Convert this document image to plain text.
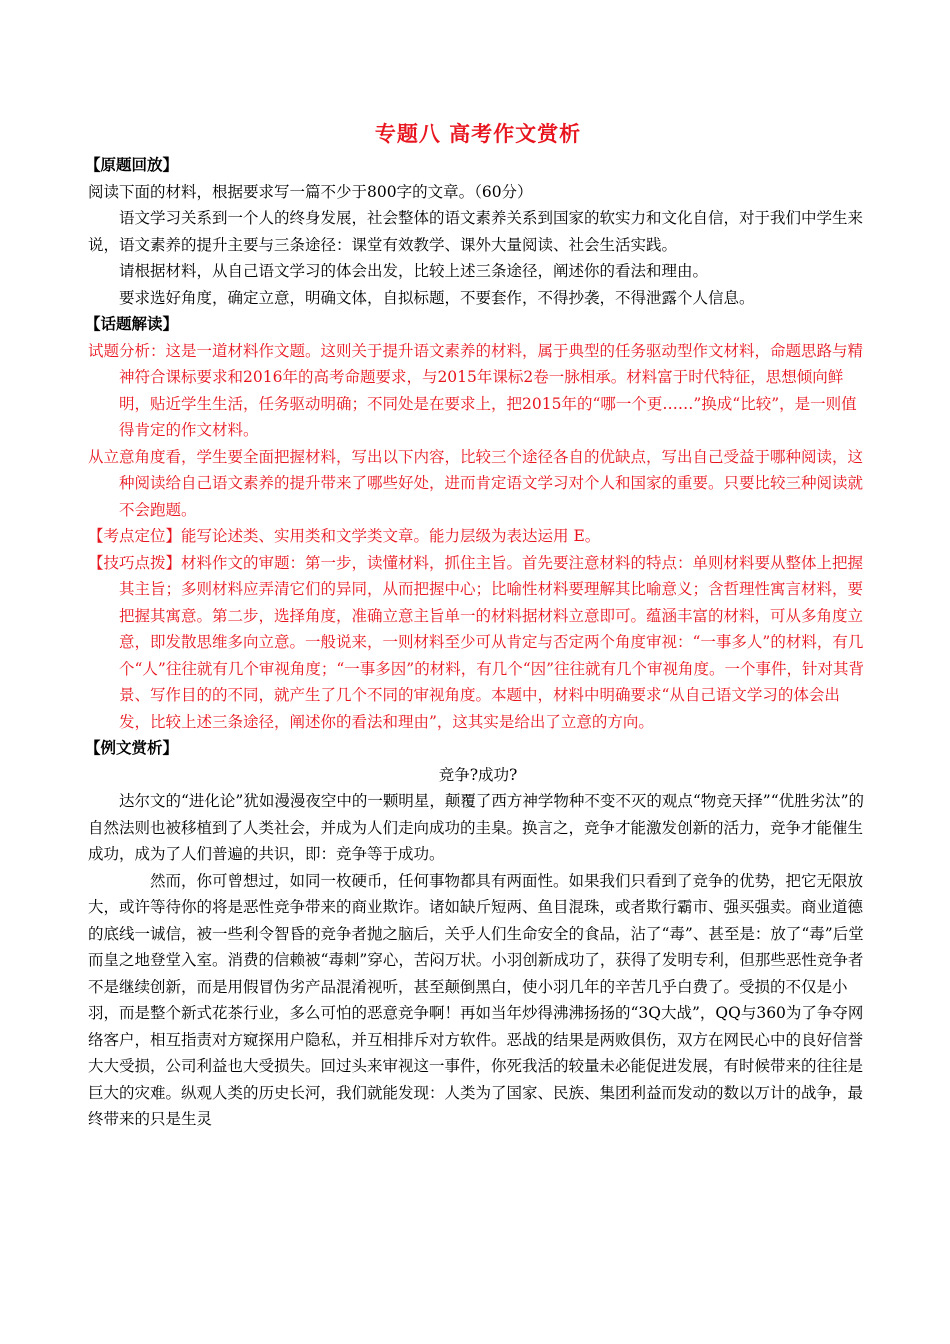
专题八 高考作文赏析
【原题回放】

阅读下面的材料，根据要求写一篇不少于800字的文章。（60分）

语文学习关系到一个人的终身发展，社会整体的语文素养关系到国家的软实力和文化自信，对于我们中学生来说，语文素养的提升主要与三条途径：课堂有效教学、课外大量阅读、社会生活实践。

请根据材料，从自己语文学习的体会出发，比较上述三条途径，阐述你的看法和理由。

要求选好角度，确定立意，明确文体，自拟标题，不要套作，不得抄袭，不得泄露个人信息。

【话题解读】

试题分析：这是一道材料作文题。这则关于提升语文素养的材料，属于典型的任务驱动型作文材料，命题思路与精神符合课标要求和2016年的高考命题要求，与2015年课标2卷一脉相承。材料富于时代特征，思想倾向鲜明，贴近学生生活，任务驱动明确；不同处是在要求上，把2015年的“哪一个更……”换成“比较”，是一则值得肯定的作文材料。

从立意角度看，学生要全面把握材料，写出以下内容，比较三个途径各自的优缺点，写出自己受益于哪种阅读，这种阅读给自己语文素养的提升带来了哪些好处，进而肯定语文学习对个人和国家的重要。只要比较三种阅读就不会跑题。

【考点定位】能写论述类、实用类和文学类文章。能力层级为表达运用 E。

【技巧点拨】材料作文的审题：第一步，读懂材料，抓住主旨。首先要注意材料的特点：单则材料要从整体上把握其主旨；多则材料应弄清它们的异同，从而把握中心；比喻性材料要理解其比喻意义；含哲理性寓言材料，要把握其寓意。第二步，选择角度，准确立意主旨单一的材料据材料立意即可。蕴涵丰富的材料，可从多角度立意，即发散思维多向立意。一般说来，一则材料至少可从肯定与否定两个角度审视：“一事多人”的材料，有几个“人”往往就有几个审视角度；“一事多因”的材料，有几个“因”往往就有几个审视角度。一个事件，针对其背景、写作目的的不同，就产生了几个不同的审视角度。本题中，材料中明确要求“从自己语文学习的体会出发，比较上述三条途径，阐述你的看法和理由”，这其实是给出了立意的方向。

【例文赏析】
竞争?成功?

达尔文的“进化论”犹如漫漫夜空中的一颗明星，颠覆了西方神学物种不变不灭的观点“物竞天择”“优胜劣汰”的自然法则也被移植到了人类社会，并成为人们走向成功的圭臬。换言之，竞争才能激发创新的活力，竞争才能催生成功，成为了人们普遍的共识，即：竞争等于成功。

然而，你可曾想过，如同一枚硬币，任何事物都具有两面性。如果我们只看到了竞争的优势，把它无限放大，或许等待你的将是恶性竞争带来的商业欺诈。诸如缺斤短两、鱼目混珠，或者欺行霸市、强买强卖。商业道德的底线一诚信，被一些利令智昏的竞争者抛之脑后，关乎人们生命安全的食品，沾了“毒”、甚至是：放了“毒”后堂而皇之地登堂入室。消费的信赖被“毒刺”穿心，苦闷万状。小羽创新成功了，获得了发明专利，但那些恶性竞争者不是继续创新，而是用假冒伪劣产品混淆视听，甚至颠倒黑白，使小羽几年的辛苦几乎白费了。受损的不仅是小羽，而是整个新式花茶行业，多么可怕的恶意竞争啊！再如当年炒得沸沸扬扬的“3Q大战”，QQ与360为了争夺网络客户，相互指责对方窥探用户隐私，并互相排斥对方软件。恶战的结果是两败俱伤，双方在网民心中的良好信誉大大受损，公司利益也大受损失。回过头来审视这一事件，你死我活的较量未必能促进发展，有时候带来的往往是巨大的灾难。纵观人类的历史长河，我们就能发现：人类为了国家、民族、集团利益而发动的数以万计的战争，最终带来的只是生灵
